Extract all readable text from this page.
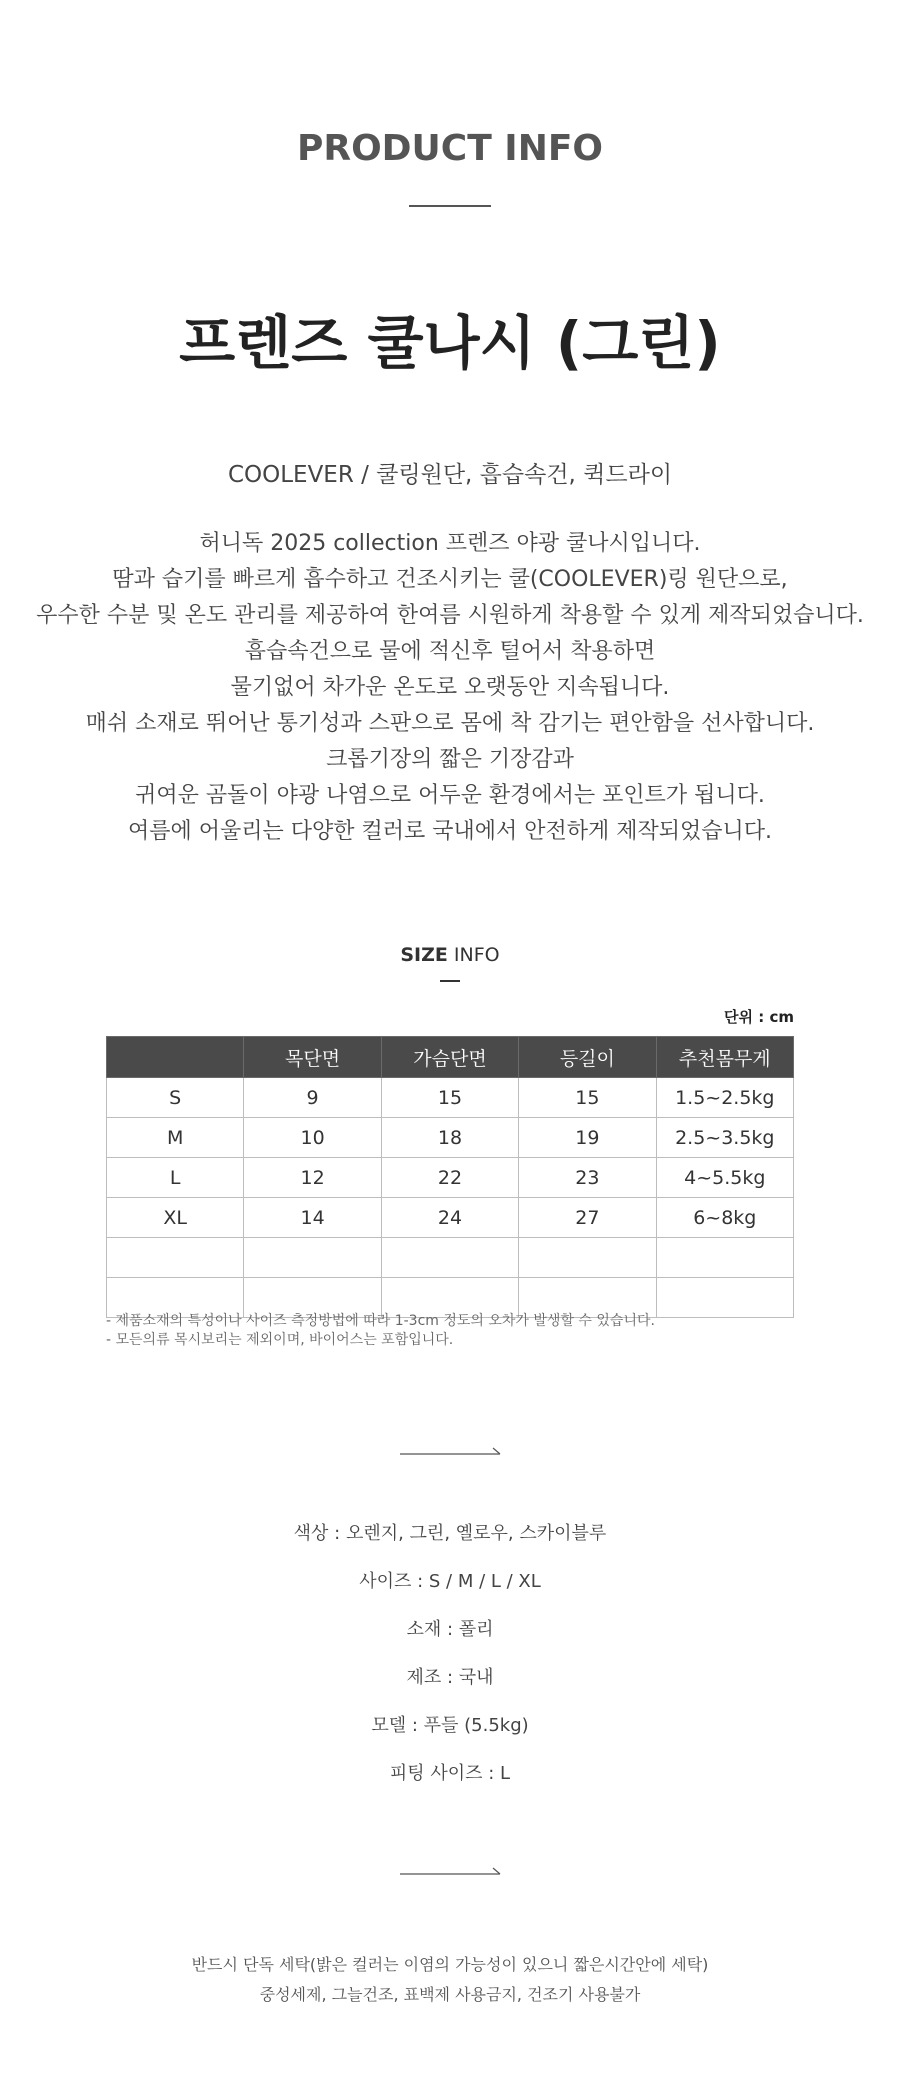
PRODUCT INFO
프렌즈 쿨나시 (그린)
COOLEVER / 쿨링원단, 흡습속건, 퀵드라이
허니독 2025 collection 프렌즈 야광 쿨나시입니다.
땀과 습기를 빠르게 흡수하고 건조시키는 쿨(COOLEVER)링 원단으로,
우수한 수분 및 온도 관리를 제공하여 한여름 시원하게 착용할 수 있게 제작되었습니다.
흡습속건으로 물에 적신후 털어서 착용하면
물기없어 차가운 온도로 오랫동안 지속됩니다.
매쉬 소재로 뛰어난 통기성과 스판으로 몸에 착 감기는 편안함을 선사합니다.
크롭기장의 짧은 기장감과
귀여운 곰돌이 야광 나염으로 어두운 환경에서는 포인트가 됩니다.
여름에 어울리는 다양한 컬러로 국내에서 안전하게 제작되었습니다.
SIZE INFO
단위 : cm
	목단면	가슴단면	등길이	추천몸무게
S	9	15	15	1.5~2.5kg
M	10	18	19	2.5~3.5kg
L	12	22	23	4~5.5kg
XL	14	24	27	6~8kg

- 제품소재의 특성이나 사이즈 측정방법에 따라 1-3cm 정도의 오차가 발생할 수 있습니다.
- 모든의류 목시보리는 제외이며, 바이어스는 포함입니다.
색상 : 오렌지, 그린, 옐로우, 스카이블루
사이즈 : S / M / L / XL
소재 : 폴리
제조 : 국내
모델 : 푸들 (5.5kg)
피팅 사이즈 : L
반드시 단독 세탁(밝은 컬러는 이염의 가능성이 있으니 짧은시간안에 세탁)
중성세제, 그늘건조, 표백제 사용금지, 건조기 사용불가
